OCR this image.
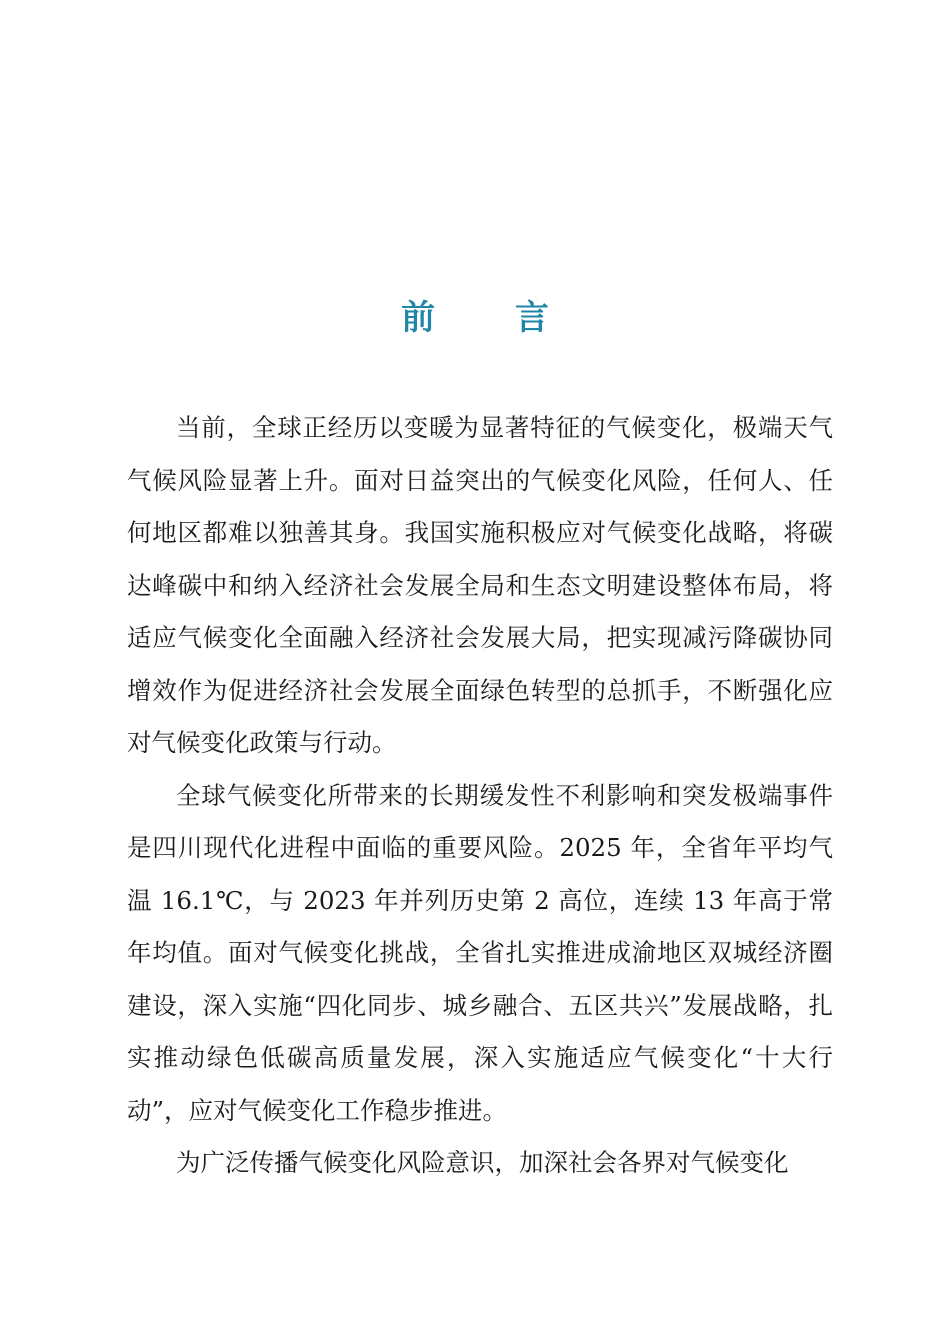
前 言

当前，全球正经历以变暖为显著特征的气候变化，极端天气气候风险显著上升。面对日益突出的气候变化风险，任何人、任何地区都难以独善其身。我国实施积极应对气候变化战略，将碳达峰碳中和纳入经济社会发展全局和生态文明建设整体布局，将适应气候变化全面融入经济社会发展大局，把实现减污降碳协同增效作为促进经济社会发展全面绿色转型的总抓手，不断强化应对气候变化政策与行动。

全球气候变化所带来的长期缓发性不利影响和突发极端事件是四川现代化进程中面临的重要风险。2025 年，全省年平均气温 16.1℃，与 2023 年并列历史第 2 高位，连续 13 年高于常年均值。面对气候变化挑战，全省扎实推进成渝地区双城经济圈建设，深入实施“四化同步、城乡融合、五区共兴”发展战略，扎实推动绿色低碳高质量发展，深入实施适应气候变化“十大行动”，应对气候变化工作稳步推进。

为广泛传播气候变化风险意识，加深社会各界对气候变化
